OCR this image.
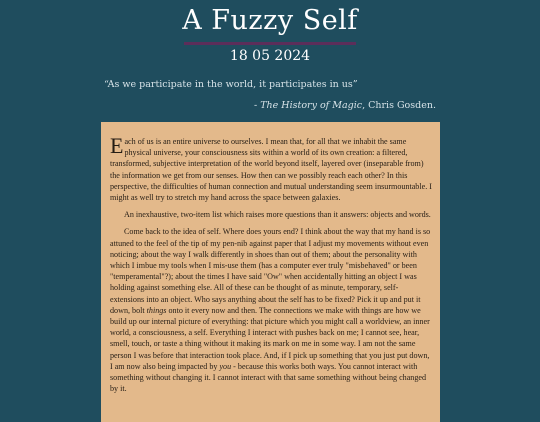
A Fuzzy Self
18 05 2024
“As we participate in the world, it participates in us”
- The History of Magic, Chris Gosden.

Each of us is an entire universe to ourselves. I mean that, for all that we inhabit the same physical universe, your consciousness sits within a world of its own creation: a filtered, transformed, subjective interpretation of the world beyond itself, layered over (inseparable from) the information we get from our senses. How then can we possibly reach each other? In this perspective, the difficulties of human connection and mutual understanding seem insurmountable. I might as well try to stretch my hand across the space between galaxies.

An inexhaustive, two-item list which raises more questions than it answers: objects and words.

Come back to the idea of self. Where does yours end? I think about the way that my hand is so attuned to the feel of the tip of my pen-nib against paper that I adjust my movements without even noticing; about the way I walk differently in shoes than out of them; about the personality with which I imbue my tools when I mis-use them (has a computer ever truly "misbehaved" or been "temperamental"?); about the times I have said "Ow" when accidentally hitting an object I was holding against something else. All of these can be thought of as minute, temporary, self-extensions into an object. Who says anything about the self has to be fixed? Pick it up and put it down, bolt things onto it every now and then. The connections we make with things are how we build up our internal picture of everything: that picture which you might call a worldview, an inner world, a consciousness, a self. Everything I interact with pushes back on me; I cannot see, hear, smell, touch, or taste a thing without it making its mark on me in some way. I am not the same person I was before that interaction took place. And, if I pick up something that you just put down, I am now also being impacted by you - because this works both ways. You cannot interact with something without changing it. I cannot interact with that same something without being changed by it.
